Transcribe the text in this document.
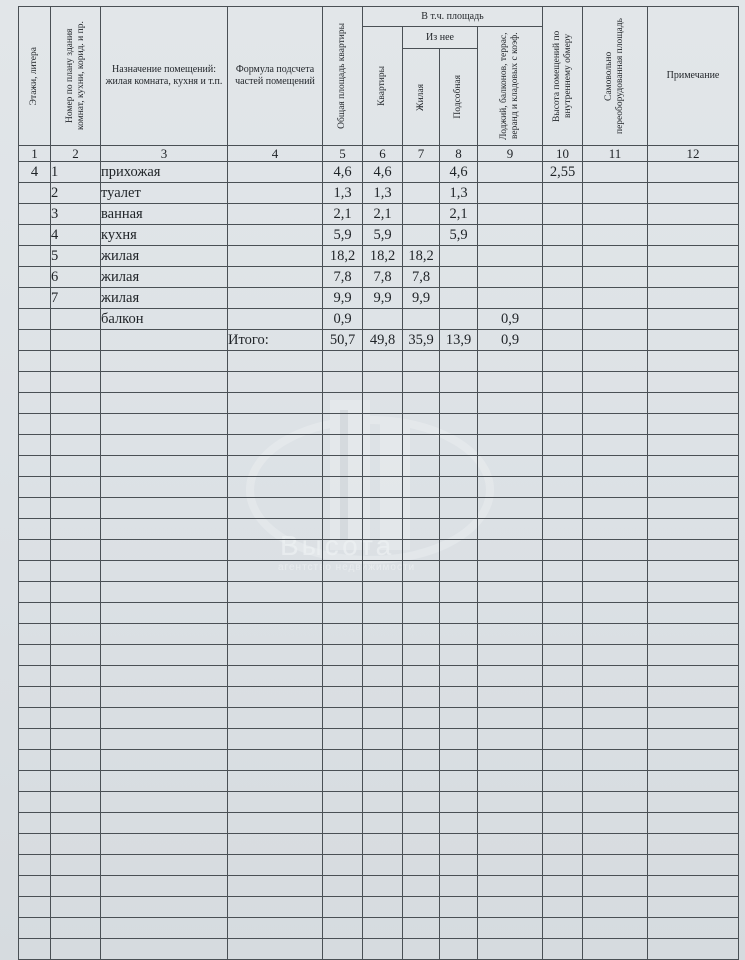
Высота
агентство недвижимости
Этажи, литера	Номер по плану здания комнат, кухни, корид. и пр.	Назначение помещений: жилая комната, кухня и т.п.	Формула подсчета частей помещений	Общая площадь квартиры	В т.ч. площадь				Высота помещений по внутреннему обмеру	Самовольно переоборудованная площадь	Примечание

					Квартиры	Из нее		Лоджий, балконов, террас, веранд и кладовых с коэф.			

						Жилая	Подсобная				

1	2	3	4	5	6	7	8	9	10	11	12
4	1	прихожая		4,6	4,6		4,6		2,55		
	2	туалет		1,3	1,3		1,3				
	3	ванная		2,1	2,1		2,1				
	4	кухня		5,9	5,9		5,9				
	5	жилая		18,2	18,2	18,2					
	6	жилая		7,8	7,8	7,8					
	7	жилая		9,9	9,9	9,9					
		балкон		0,9				0,9			
			Итого:	50,7	49,8	35,9	13,9	0,9			
